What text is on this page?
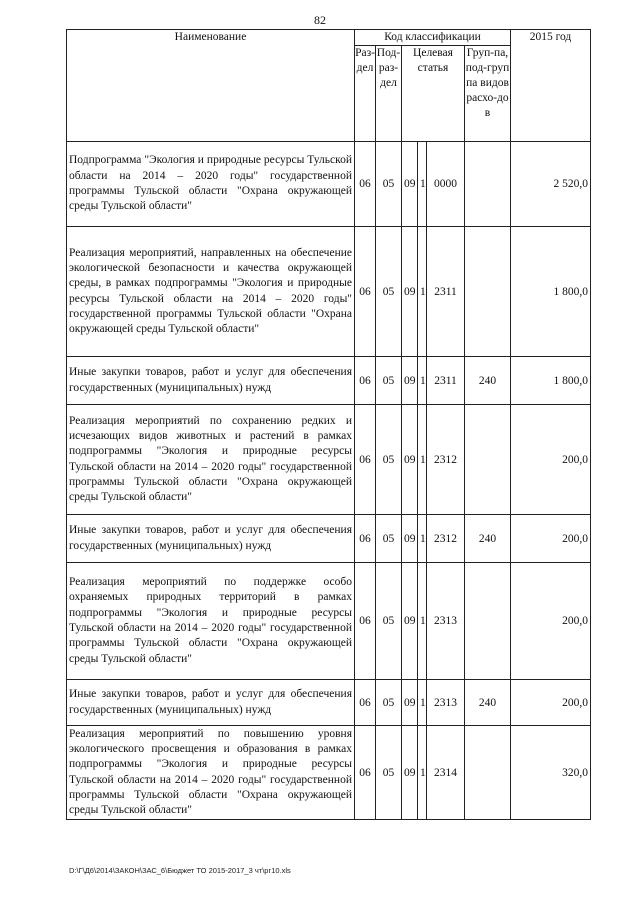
82
Наименование	Код классификации						2015 год
	Раз-дел	Под-раз-дел	Целевая статья			Груп-па, под-группа видов расхо-дов	
Подпрограмма "Экология и природные ресурсы Тульской области на 2014 – 2020 годы" государственной программы Тульской области "Охрана окружающей среды Тульской области"	06	05	09	1	0000		2 520,0
Реализация мероприятий, направленных на обеспечение экологической безопасности и качества окружающей среды, в рамках подпрограммы "Экология и природные ресурсы Тульской области на 2014 – 2020 годы" государственной программы Тульской области "Охрана окружающей среды Тульской области"	06	05	09	1	2311		1 800,0
Иные закупки товаров, работ и услуг для обеспечения государственных (муниципальных) нужд	06	05	09	1	2311	240	1 800,0
Реализация мероприятий по сохранению редких и исчезающих видов животных и растений в рамках подпрограммы "Экология и природные ресурсы Тульской области на 2014 – 2020 годы" государственной программы Тульской области "Охрана окружающей среды Тульской области"	06	05	09	1	2312		200,0
Иные закупки товаров, работ и услуг для обеспечения государственных (муниципальных) нужд	06	05	09	1	2312	240	200,0
Реализация мероприятий по поддержке особо охраняемых природных территорий в рамках подпрограммы "Экология и природные ресурсы Тульской области на 2014 – 2020 годы" государственной программы Тульской области "Охрана окружающей среды Тульской области"	06	05	09	1	2313		200,0
Иные закупки товаров, работ и услуг для обеспечения государственных (муниципальных) нужд	06	05	09	1	2313	240	200,0
Реализация мероприятий по повышению уровня экологического просвещения и образования в рамках подпрограммы "Экология и природные ресурсы Тульской области на 2014 – 2020 годы" государственной программы Тульской области "Охрана окружающей среды Тульской области"	06	05	09	1	2314		320,0
D:\Г\Д6\2014\ЗАКОН\ЗАС_6\Бюджет ТО 2015-2017_3 чт\рг10.xls
